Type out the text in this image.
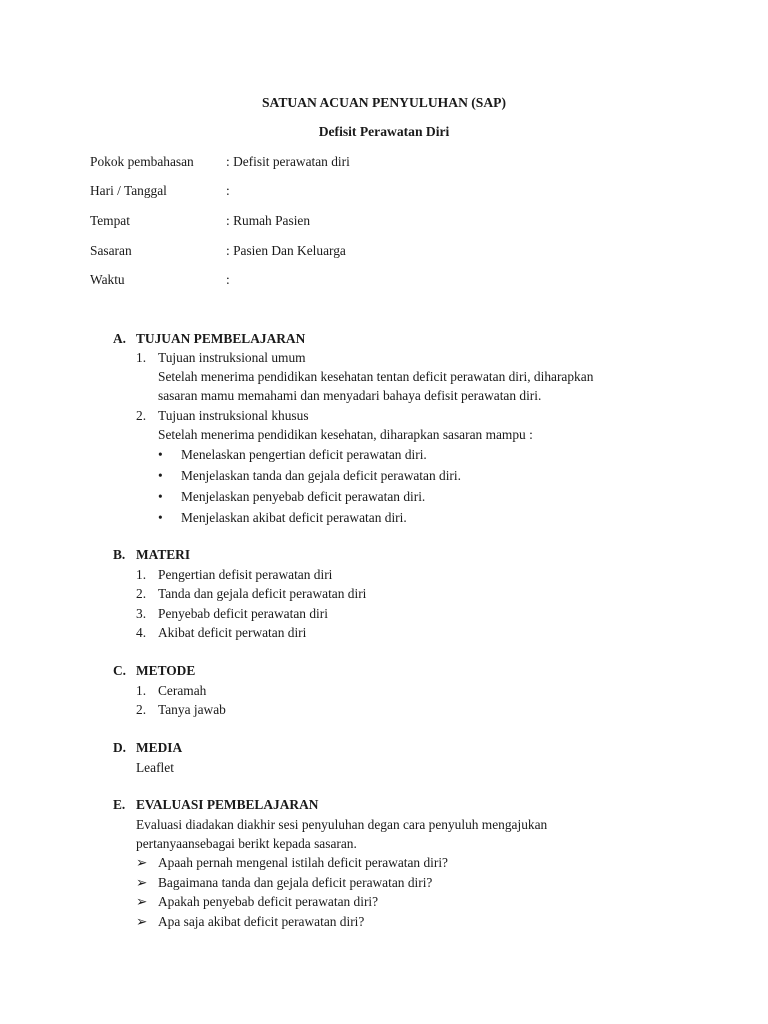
SATUAN ACUAN PENYULUHAN (SAP)
Defisit Perawatan Diri
Pokok pembahasan : Defisit perawatan diri
Hari / Tanggal	:
Tempat	: Rumah Pasien
Sasaran	: Pasien Dan Keluarga
Waktu	:
A. TUJUAN PEMBELAJARAN
1. Tujuan instruksional umum
Setelah menerima pendidikan kesehatan tentan deficit perawatan diri, diharapkan
sasaran mamu memahami dan menyadari bahaya defisit perawatan diri.
2. Tujuan instruksional khusus
Setelah menerima pendidikan kesehatan, diharapkan sasaran mampu :
• Menelaskan pengertian deficit perawatan diri.
• Menjelaskan tanda dan gejala deficit perawatan diri.
• Menjelaskan penyebab deficit perawatan diri.
• Menjelaskan akibat deficit perawatan diri.
B. MATERI
1. Pengertian defisit perawatan diri
2. Tanda dan gejala deficit perawatan diri
3. Penyebab deficit perawatan diri
4. Akibat deficit perwatan diri
C. METODE
1. Ceramah
2. Tanya jawab
D. MEDIA
Leaflet
E. EVALUASI PEMBELAJARAN
Evaluasi diadakan diakhir sesi penyuluhan degan cara penyuluh mengajukan
pertanyaansebagai berikt kepada sasaran.
➢ Apaah pernah mengenal istilah deficit perawatan diri?
➢ Bagaimana tanda dan gejala deficit perawatan diri?
➢ Apakah penyebab deficit perawatan diri?
➢ Apa saja akibat deficit perawatan diri?
